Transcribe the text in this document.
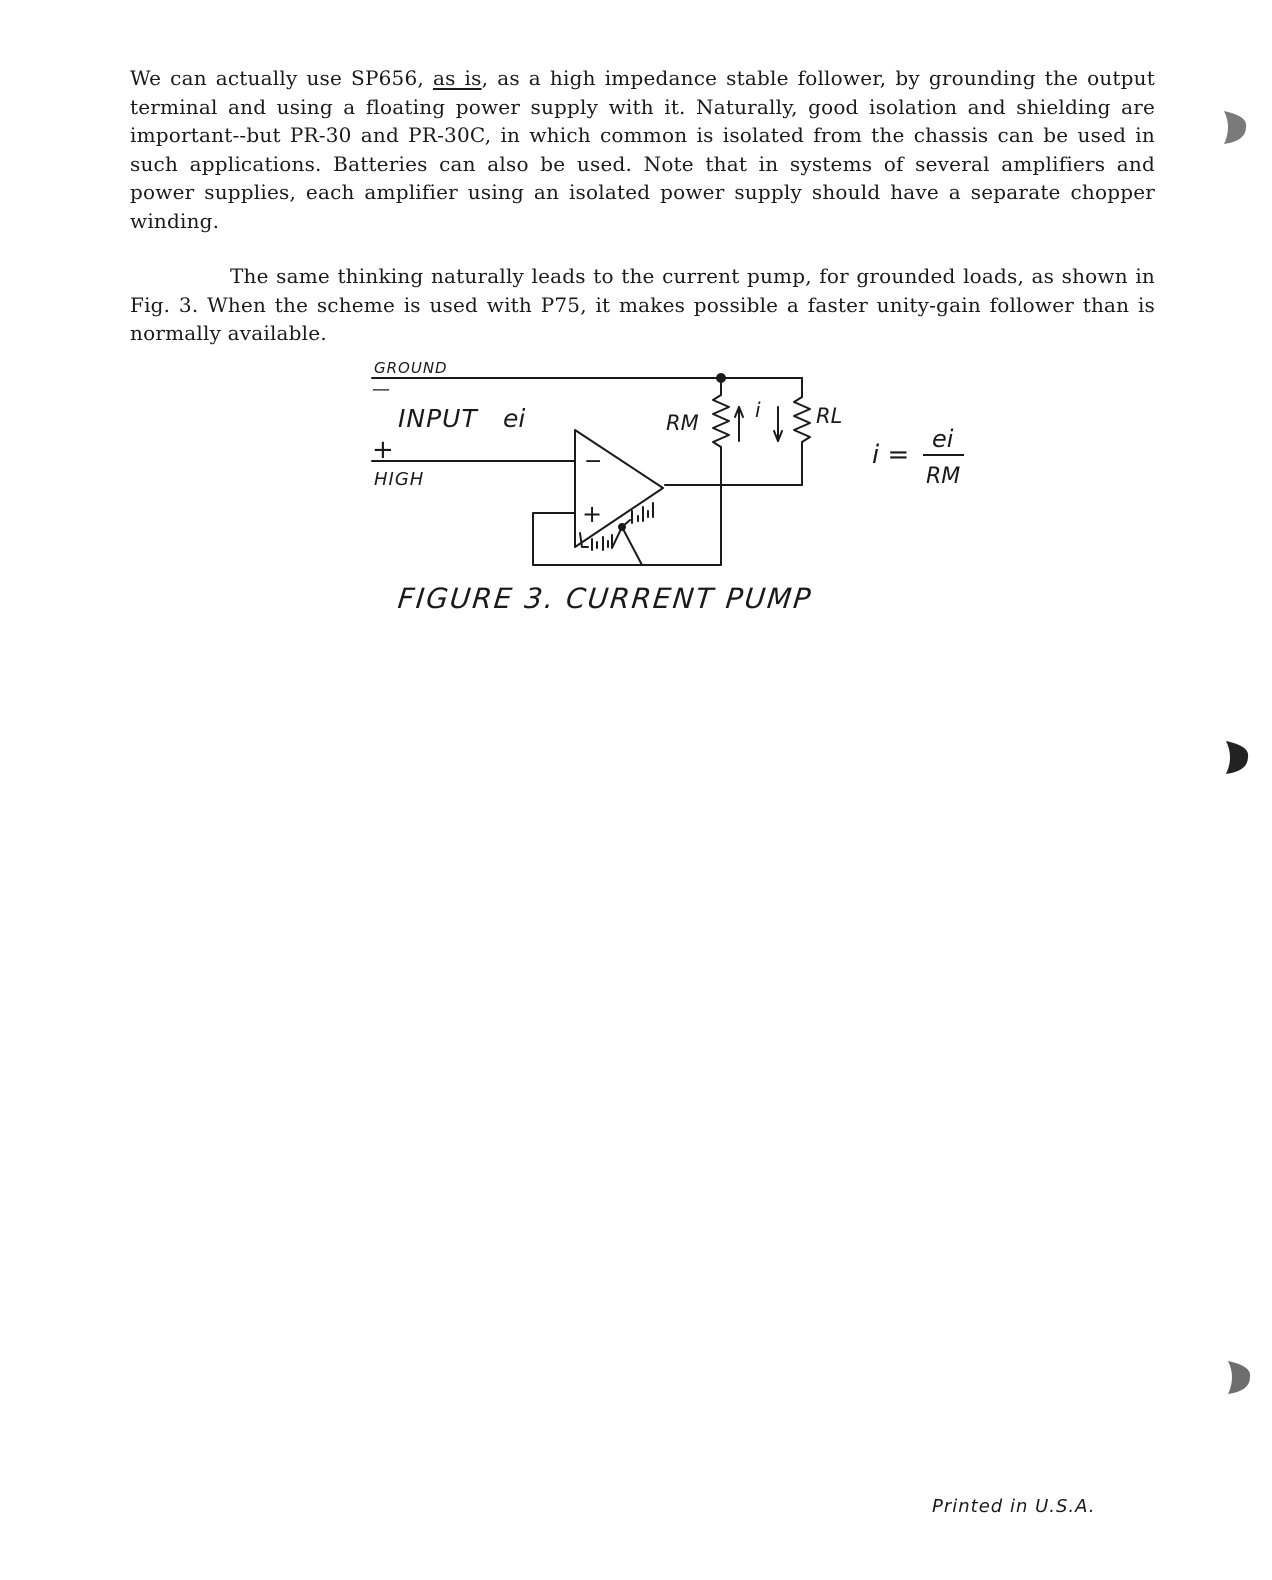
We can actually use SP656, as is, as a high impedance stable follower, by grounding the output terminal and using a floating power supply with it. Naturally, good isolation and shielding are important--but PR-30 and PR-30C, in which common is isolated from the chassis can be used in such applications. Batteries can also be used. Note that in systems of several amplifiers and power supplies, each amplifier using an isolated power supply should have a separate chopper winding.

The same thinking naturally leads to the current pump, for grounded loads, as shown in Fig. 3. When the scheme is used with P75, it makes possible a faster unity-gain follower than is normally available.

GROUND
—
INPUT ei
+
HIGH
RM	RL
i
−
+
i =
ei
RM
FIGURE 3. CURRENT PUMP
Printed in U.S.A.
